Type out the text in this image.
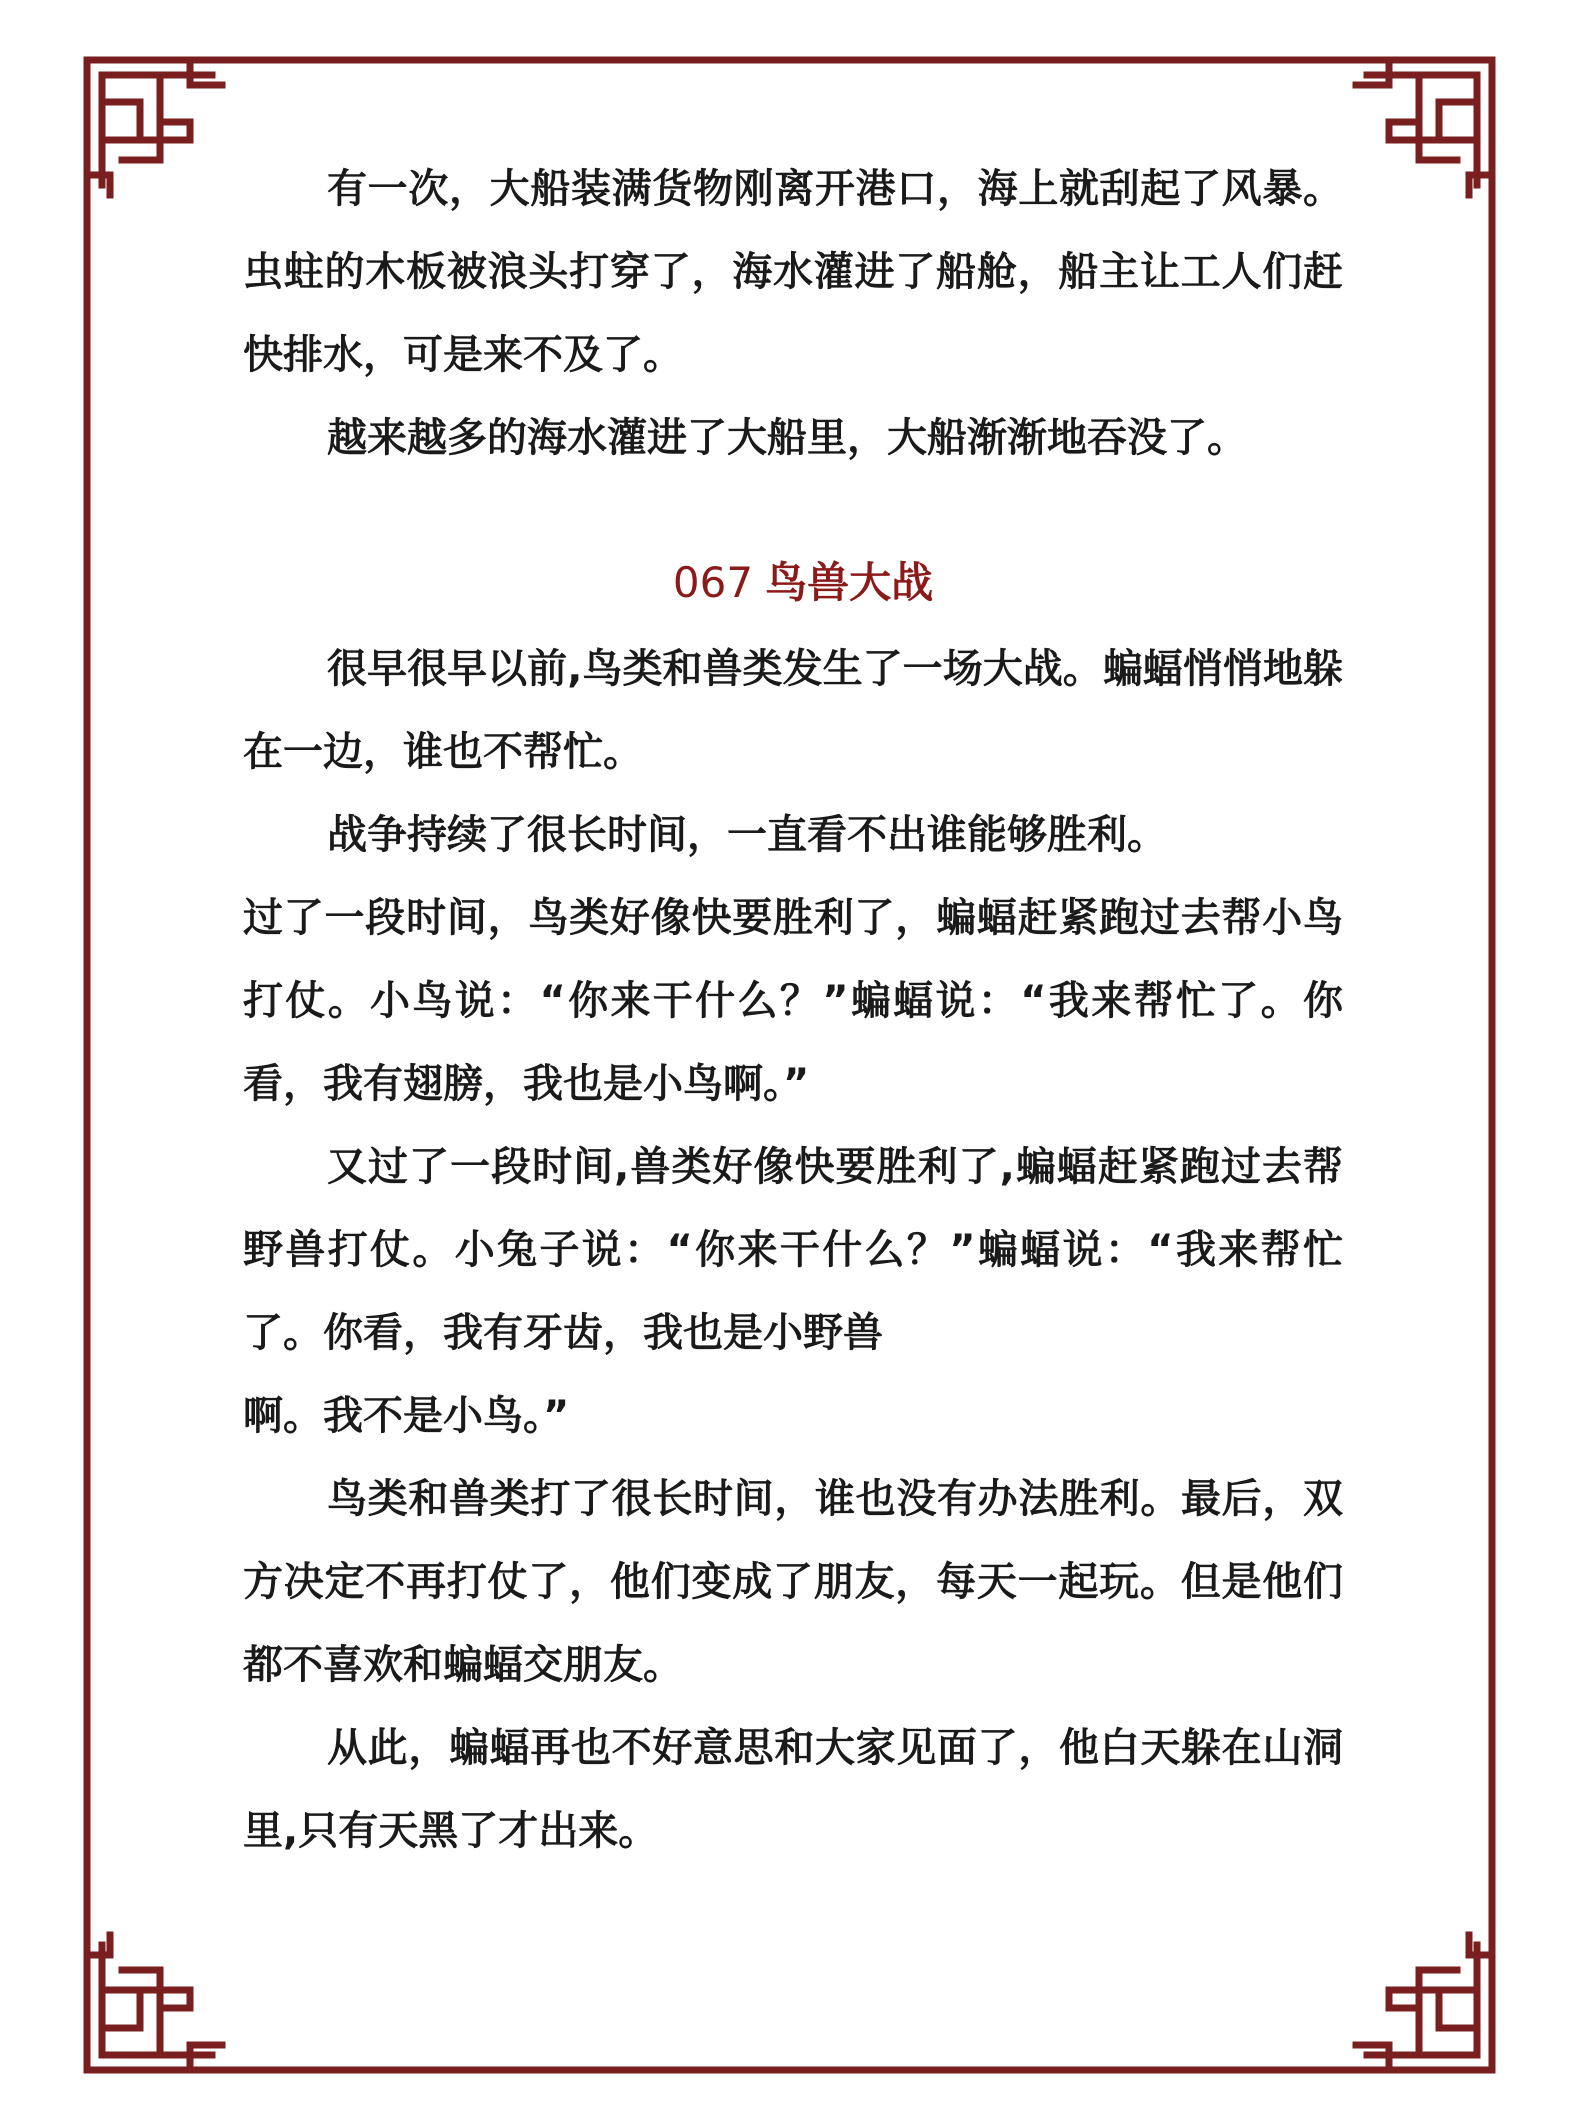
有一次，大船装满货物刚离开港口，海上就刮起了风暴。虫蛀的木板被浪头打穿了，海水灌进了船舱，船主让工人们赶快排水，可是来不及了。

越来越多的海水灌进了大船里，大船渐渐地吞没了。

067 鸟兽大战

很早很早以前,鸟类和兽类发生了一场大战。蝙蝠悄悄地躲在一边，谁也不帮忙。

战争持续了很长时间，一直看不出谁能够胜利。

过了一段时间，鸟类好像快要胜利了，蝙蝠赶紧跑过去帮小鸟打仗。小鸟说：“你来干什么？”蝙蝠说：“我来帮忙了。你看，我有翅膀，我也是小鸟啊。”

又过了一段时间,兽类好像快要胜利了,蝙蝠赶紧跑过去帮野兽打仗。小兔子说：“你来干什么？”蝙蝠说：“我来帮忙了。你看，我有牙齿，我也是小野兽

啊。我不是小鸟。”

鸟类和兽类打了很长时间，谁也没有办法胜利。最后，双方决定不再打仗了，他们变成了朋友，每天一起玩。但是他们都不喜欢和蝙蝠交朋友。

从此，蝙蝠再也不好意思和大家见面了，他白天躲在山洞里,只有天黑了才出来。
